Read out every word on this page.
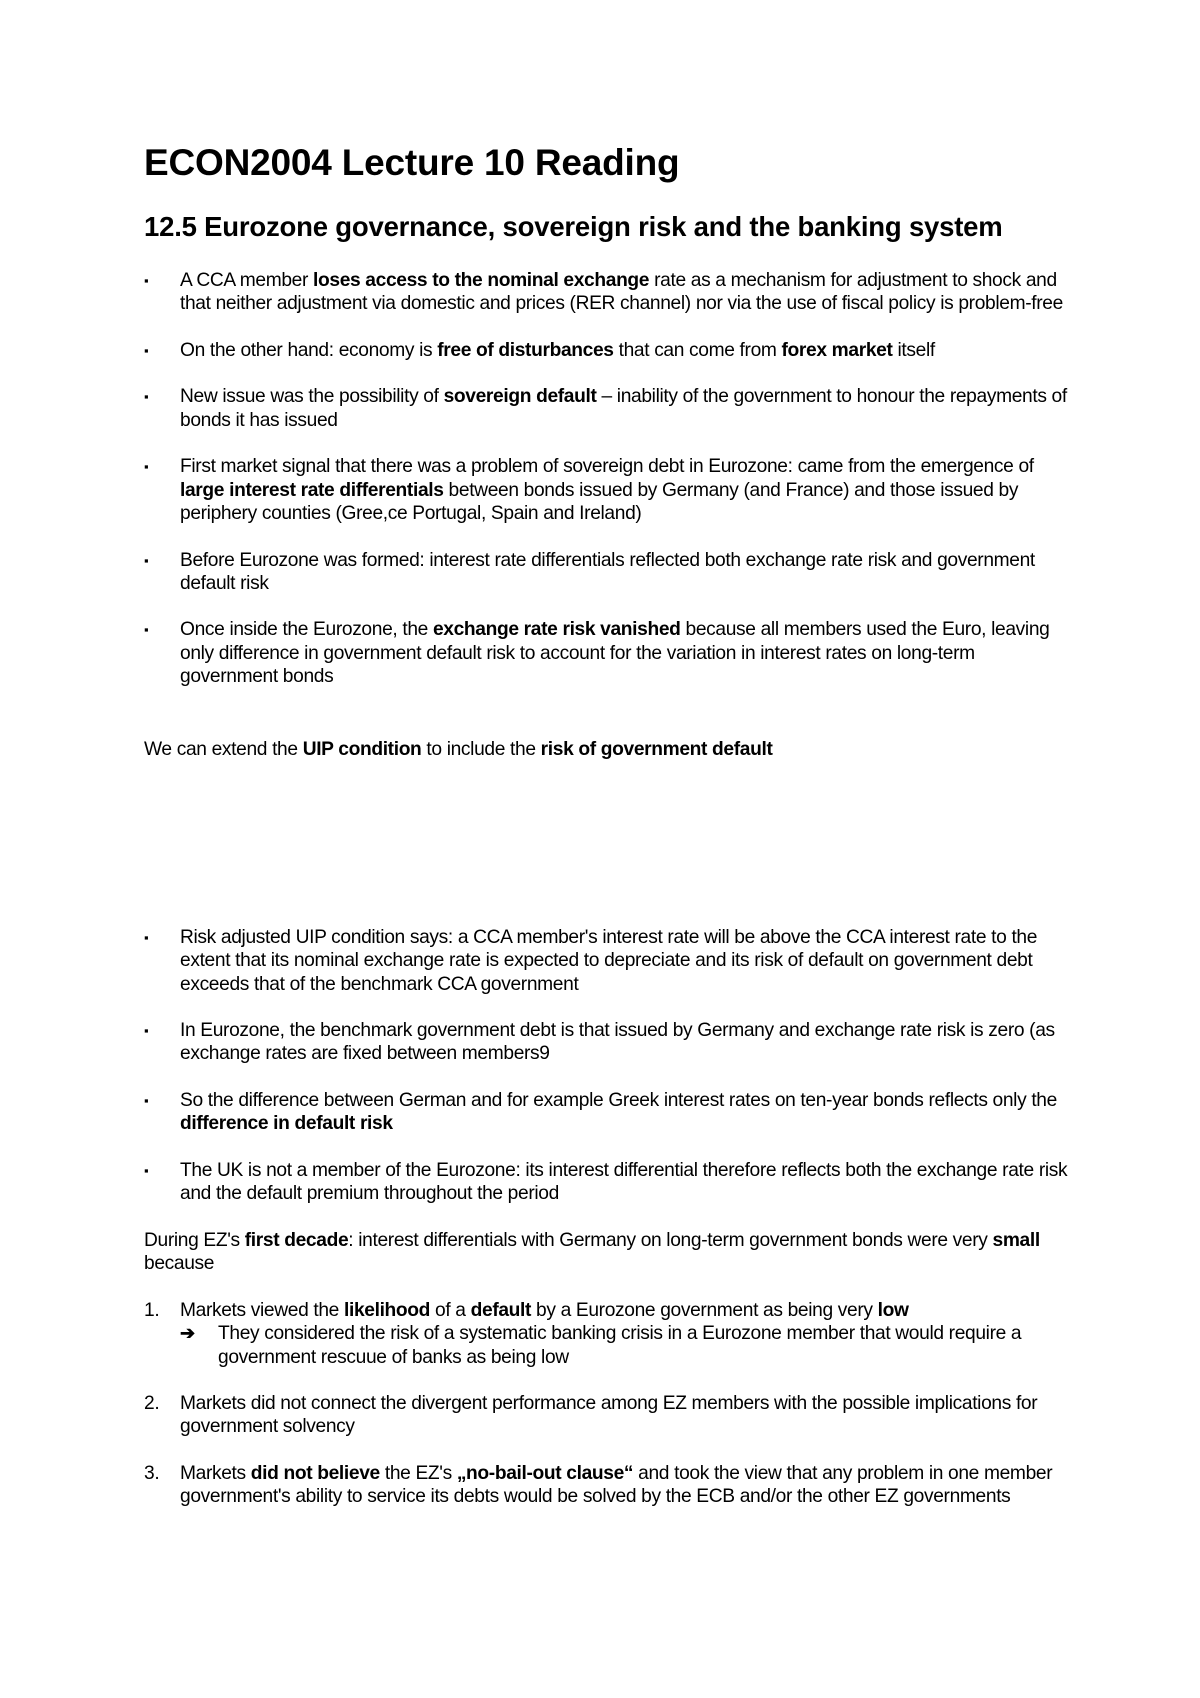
ECON2004 Lecture 10 Reading
12.5 Eurozone governance, sovereign risk and the banking system
▪ A CCA member loses access to the nominal exchange rate as a mechanism for adjustment to shock and that neither adjustment via domestic and prices (RER channel) nor via the use of fiscal policy is problem-free
▪ On the other hand: economy is free of disturbances that can come from forex market itself
▪ New issue was the possibility of sovereign default – inability of the government to honour the repayments of bonds it has issued
▪ First market signal that there was a problem of sovereign debt in Eurozone: came from the emergence of large interest rate differentials between bonds issued by Germany (and France) and those issued by periphery counties (Gree,ce Portugal, Spain and Ireland)
▪ Before Eurozone was formed: interest rate differentials reflected both exchange rate risk and government default risk
▪ Once inside the Eurozone, the exchange rate risk vanished because all members used the Euro, leaving only difference in government default risk to account for the variation in interest rates on long-term government bonds

We can extend the UIP condition to include the risk of government default

▪ Risk adjusted UIP condition says: a CCA member's interest rate will be above the CCA interest rate to the extent that its nominal exchange rate is expected to depreciate and its risk of default on government debt exceeds that of the benchmark CCA government
▪ In Eurozone, the benchmark government debt is that issued by Germany and exchange rate risk is zero (as exchange rates are fixed between members9
▪ So the difference between German and for example Greek interest rates on ten-year bonds reflects only the difference in default risk
▪ The UK is not a member of the Eurozone: its interest differential therefore reflects both the exchange rate risk and the default premium throughout the period

During EZ's first decade: interest differentials with Germany on long-term government bonds were very small because

1. Markets viewed the likelihood of a default by a Eurozone government as being very low
➔ They considered the risk of a systematic banking crisis in a Eurozone member that would require a government rescuue of banks as being low
2. Markets did not connect the divergent performance among EZ members with the possible implications for government solvency
3. Markets did not believe the EZ's „no-bail-out clause“ and took the view that any problem in one member government's ability to service its debts would be solved by the ECB and/or the other EZ governments
